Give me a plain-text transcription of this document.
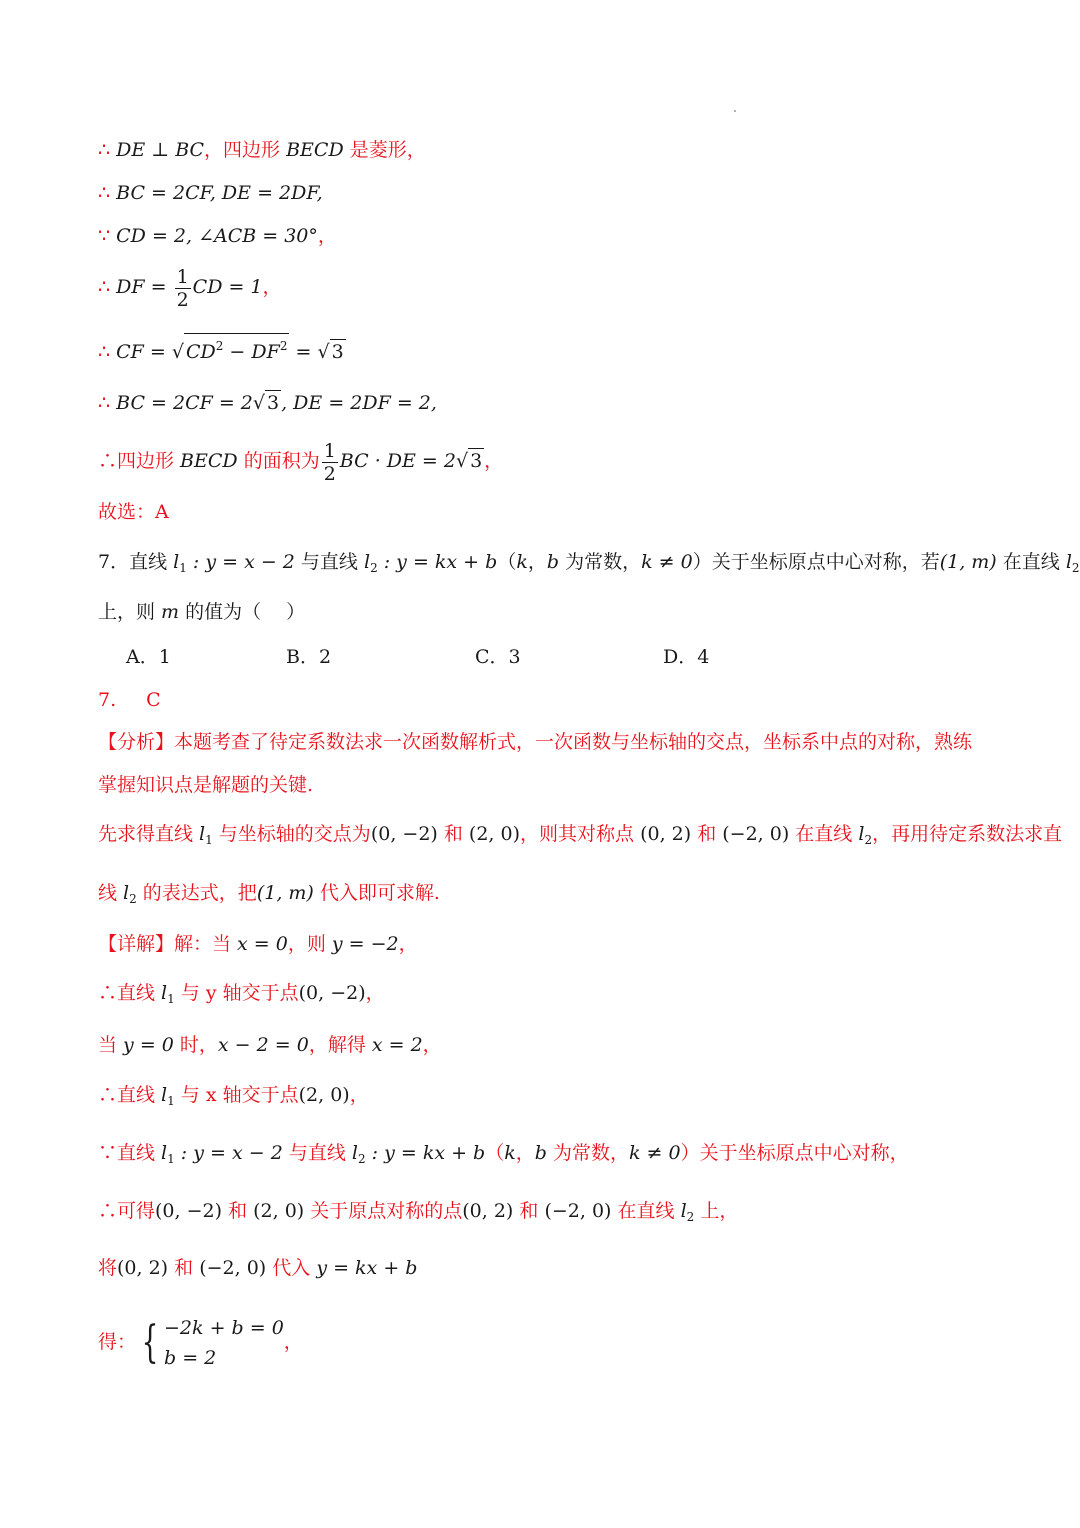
∴ DE ⊥ BC，四边形 BECD 是菱形，
∴ BC = 2CF, DE = 2DF,
∵ CD = 2, ∠ACB = 30°，
∴ DF = $\frac{1}{2}$ CD = 1，
∴ CF = √ $CD^2 - DF^2$ = √ 3
∴ BC = 2CF = 2√ 3 , DE = 2DF = 2,
∴四边形 BECD 的面积为 $\frac{1}{2}$ BC · DE = 2√ 3 ，
故选：A
7．直线 $l_1$ : y = x − 2 与直线 $l_2$ : y = kx + b（k，b 为常数，k ≠ 0）关于坐标原点中心对称，若(1, m) 在直线 $l_2$
上，则 m 的值为（　 ）
A．1	B．2	C．3	D．4
7. C
【分析】本题考查了待定系数法求一次函数解析式，一次函数与坐标轴的交点，坐标系中点的对称，熟练
掌握知识点是解题的关键.
先求得直线 $l_1$ 与坐标轴的交点为(0, −2) 和 (2, 0)，则其对称点 (0, 2) 和 (−2, 0) 在直线 $l_2$，再用待定系数法求直
线 $l_2$ 的表达式，把(1, m) 代入即可求解.
【详解】解：当 x = 0，则 y = −2，
∴直线 $l_1$ 与 y 轴交于点(0, −2)，
当 y = 0 时，x − 2 = 0，解得 x = 2，
∴直线 $l_1$ 与 x 轴交于点(2, 0)，
∵直线 $l_1$ : y = x − 2 与直线 $l_2$ : y = kx + b（k，b 为常数，k ≠ 0）关于坐标原点中心对称，
∴可得(0, −2) 和 (2, 0) 关于原点对称的点(0, 2) 和 (−2, 0) 在直线 $l_2$ 上，
将(0, 2) 和 (−2, 0) 代入 y = kx + b
得： { −2k + b = 0
b = 2
，
